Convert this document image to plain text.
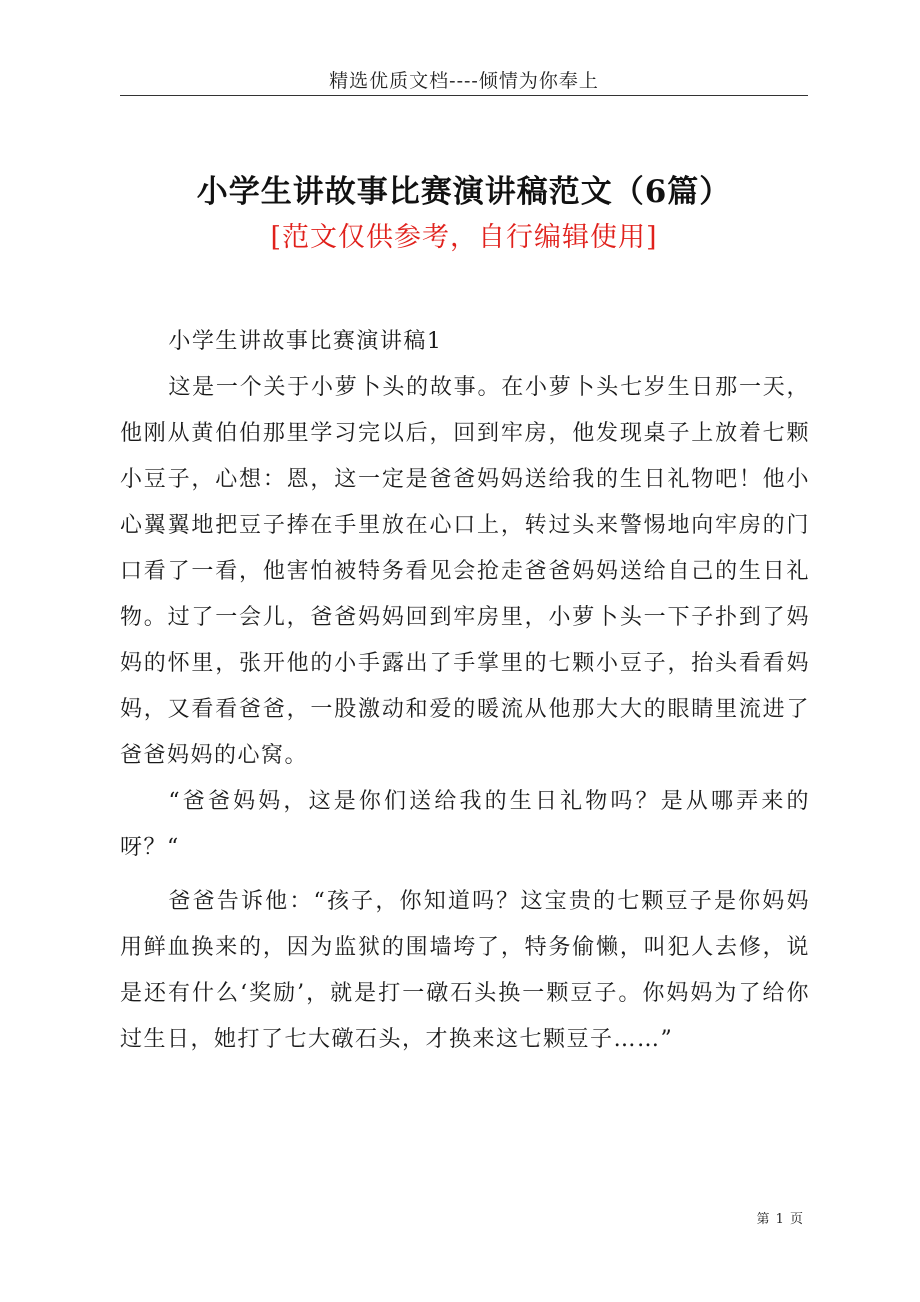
精选优质文档----倾情为你奉上
小学生讲故事比赛演讲稿范文（6篇）
[范文仅供参考，自行编辑使用]

小学生讲故事比赛演讲稿1

这是一个关于小萝卜头的故事。在小萝卜头七岁生日那一天，他刚从黄伯伯那里学习完以后，回到牢房，他发现桌子上放着七颗小豆子，心想：恩，这一定是爸爸妈妈送给我的生日礼物吧！他小心翼翼地把豆子捧在手里放在心口上，转过头来警惕地向牢房的门口看了一看，他害怕被特务看见会抢走爸爸妈妈送给自己的生日礼物。过了一会儿，爸爸妈妈回到牢房里，小萝卜头一下子扑到了妈妈的怀里，张开他的小手露出了手掌里的七颗小豆子，抬头看看妈妈，又看看爸爸，一股激动和爱的暖流从他那大大的眼睛里流进了爸爸妈妈的心窝。

“爸爸妈妈，这是你们送给我的生日礼物吗？是从哪弄来的呀？“

爸爸告诉他：“孩子，你知道吗？这宝贵的七颗豆子是你妈妈用鲜血换来的，因为监狱的围墙垮了，特务偷懒，叫犯人去修，说是还有什么‘奖励’，就是打一礅石头换一颗豆子。你妈妈为了给你过生日，她打了七大礅石头，才换来这七颗豆子……”

第 1 页
